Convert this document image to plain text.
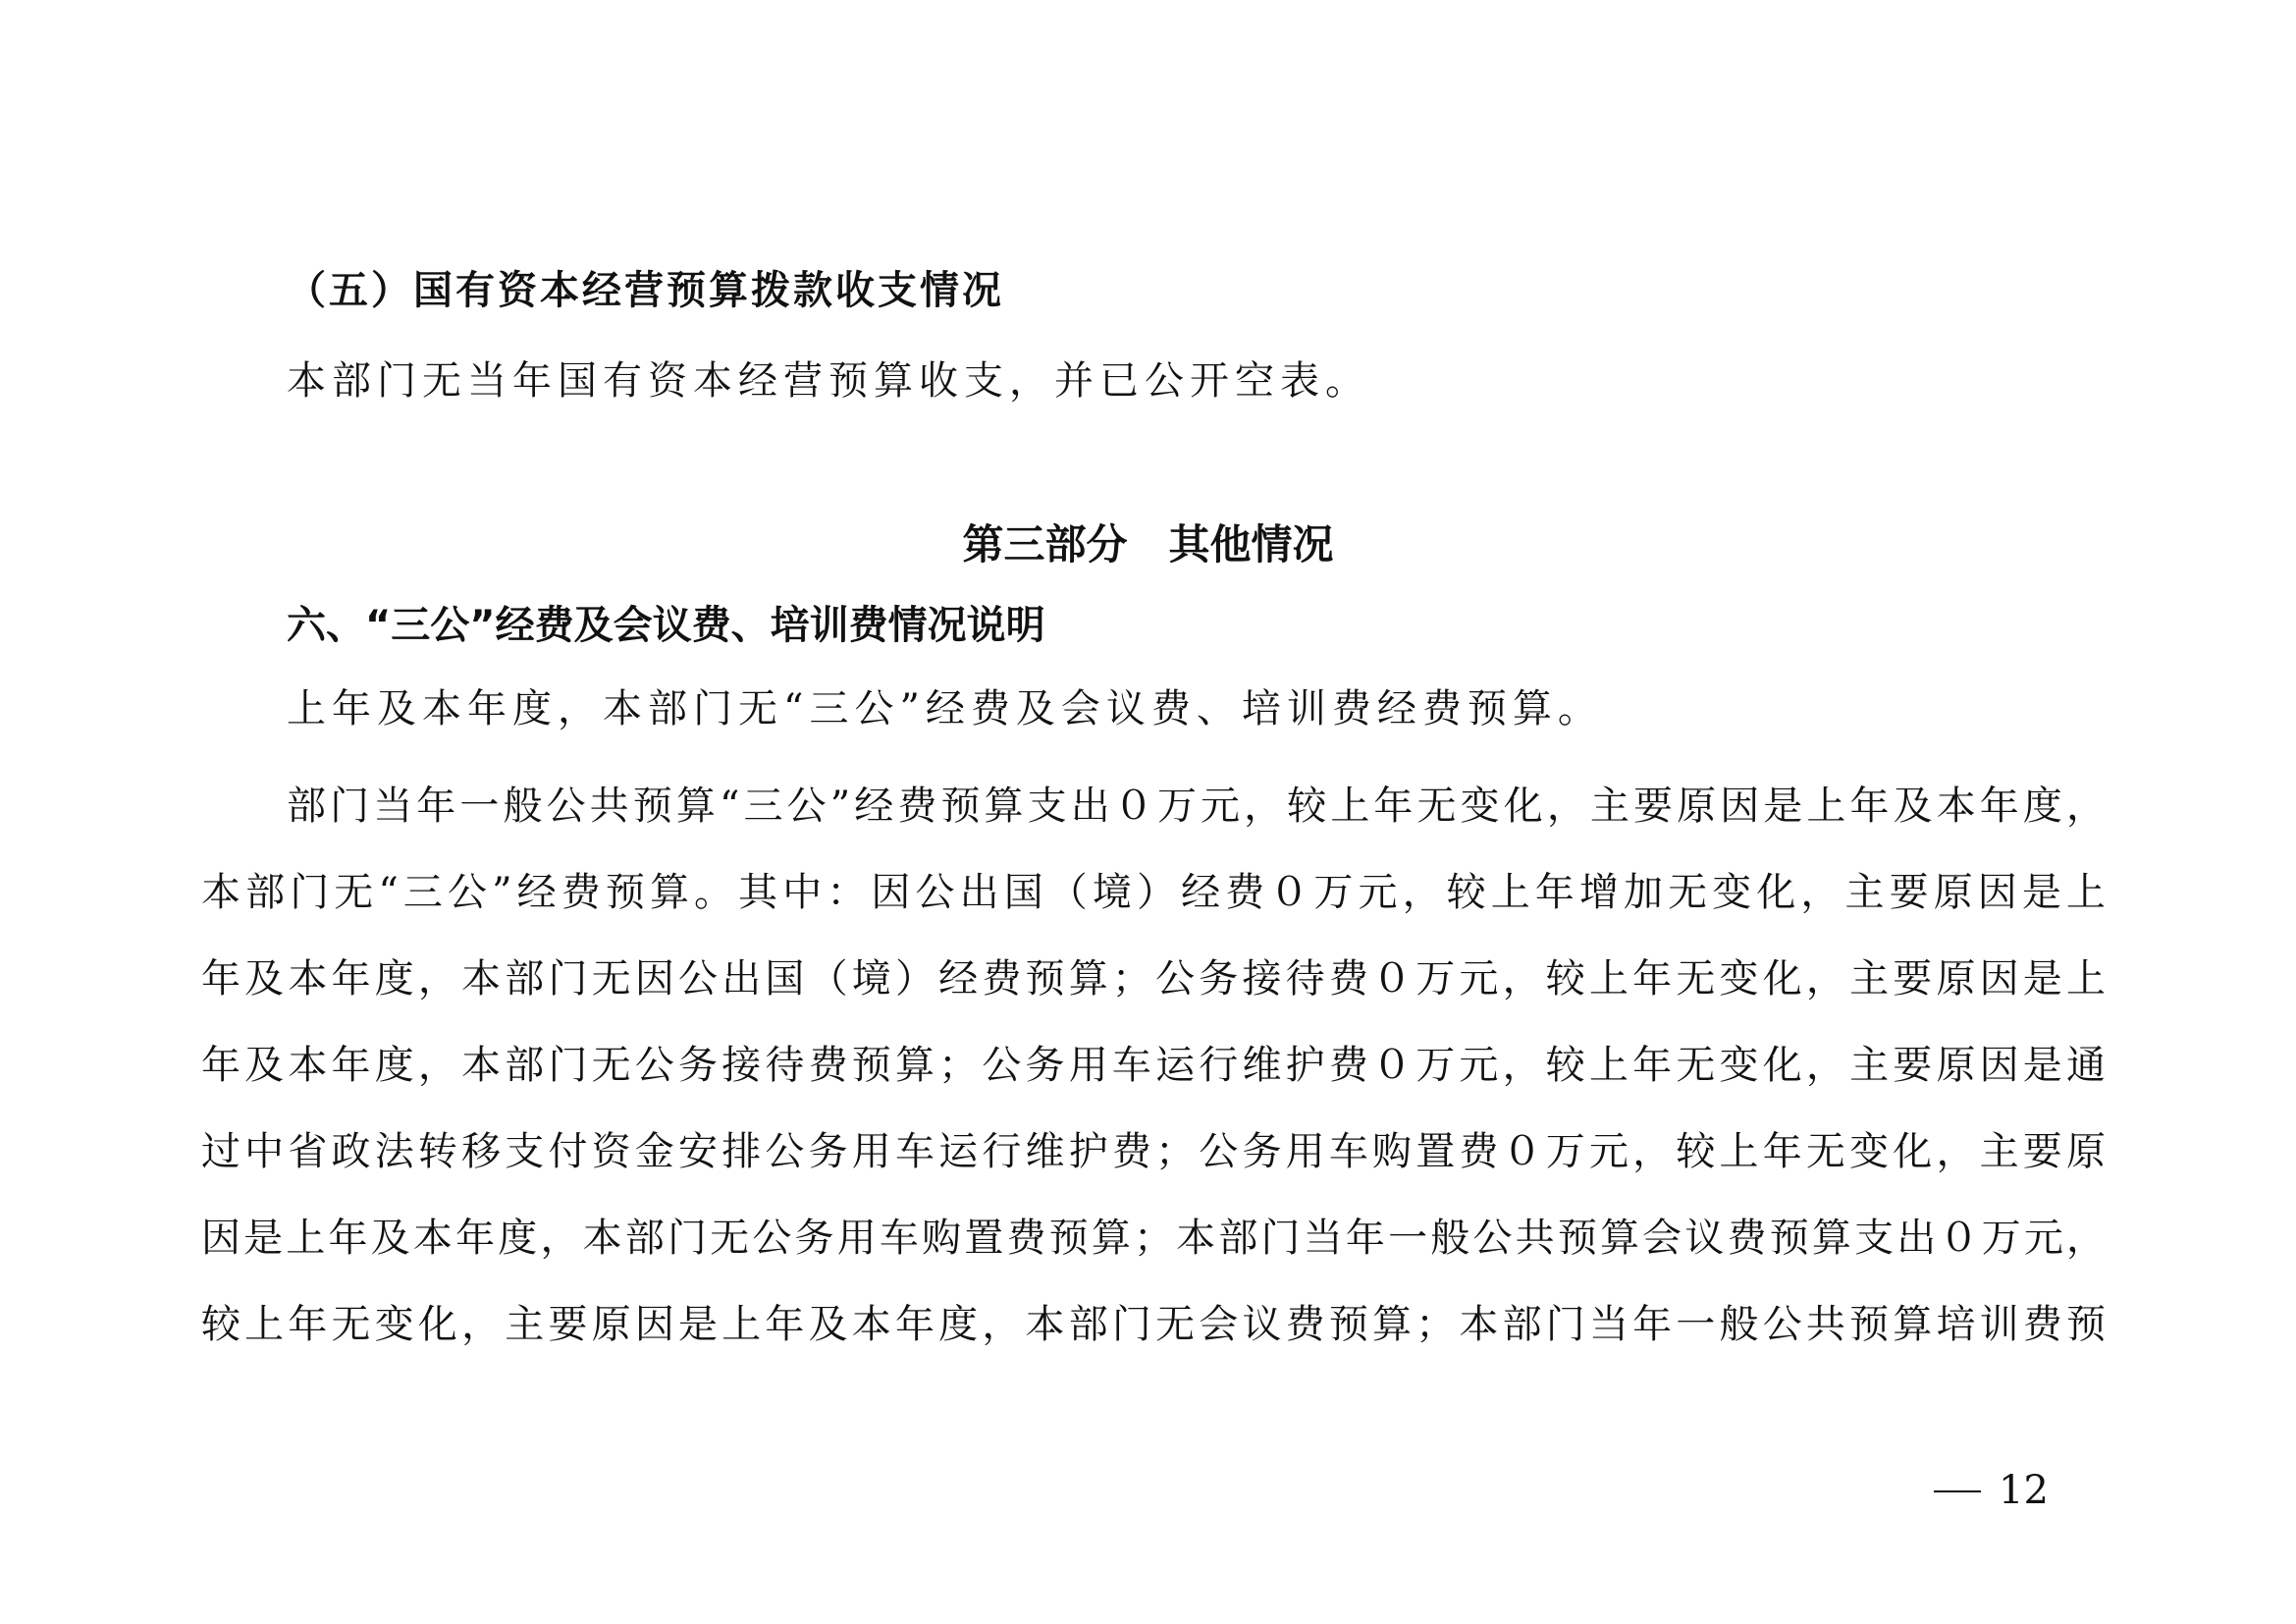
（五）国有资本经营预算拨款收支情况
本部门无当年国有资本经营预算收支，并已公开空表。
第三部分 其他情况
六、“三公”经费及会议费、培训费情况说明
上年及本年度，本部门无“三公”经费及会议费、培训费经费预算。
部门当年一般公共预算“三公”经费预算支出０万元，较上年无变化，主要原因是上年及本年度，
本部门无“三公”经费预算。其中：因公出国（境）经费０万元，较上年增加无变化，主要原因是上
年及本年度，本部门无因公出国（境）经费预算；公务接待费０万元，较上年无变化，主要原因是上
年及本年度，本部门无公务接待费预算；公务用车运行维护费０万元，较上年无变化，主要原因是通
过中省政法转移支付资金安排公务用车运行维护费；公务用车购置费０万元，较上年无变化，主要原
因是上年及本年度，本部门无公务用车购置费预算；本部门当年一般公共预算会议费预算支出０万元，
较上年无变化，主要原因是上年及本年度，本部门无会议费预算；本部门当年一般公共预算培训费预
12
